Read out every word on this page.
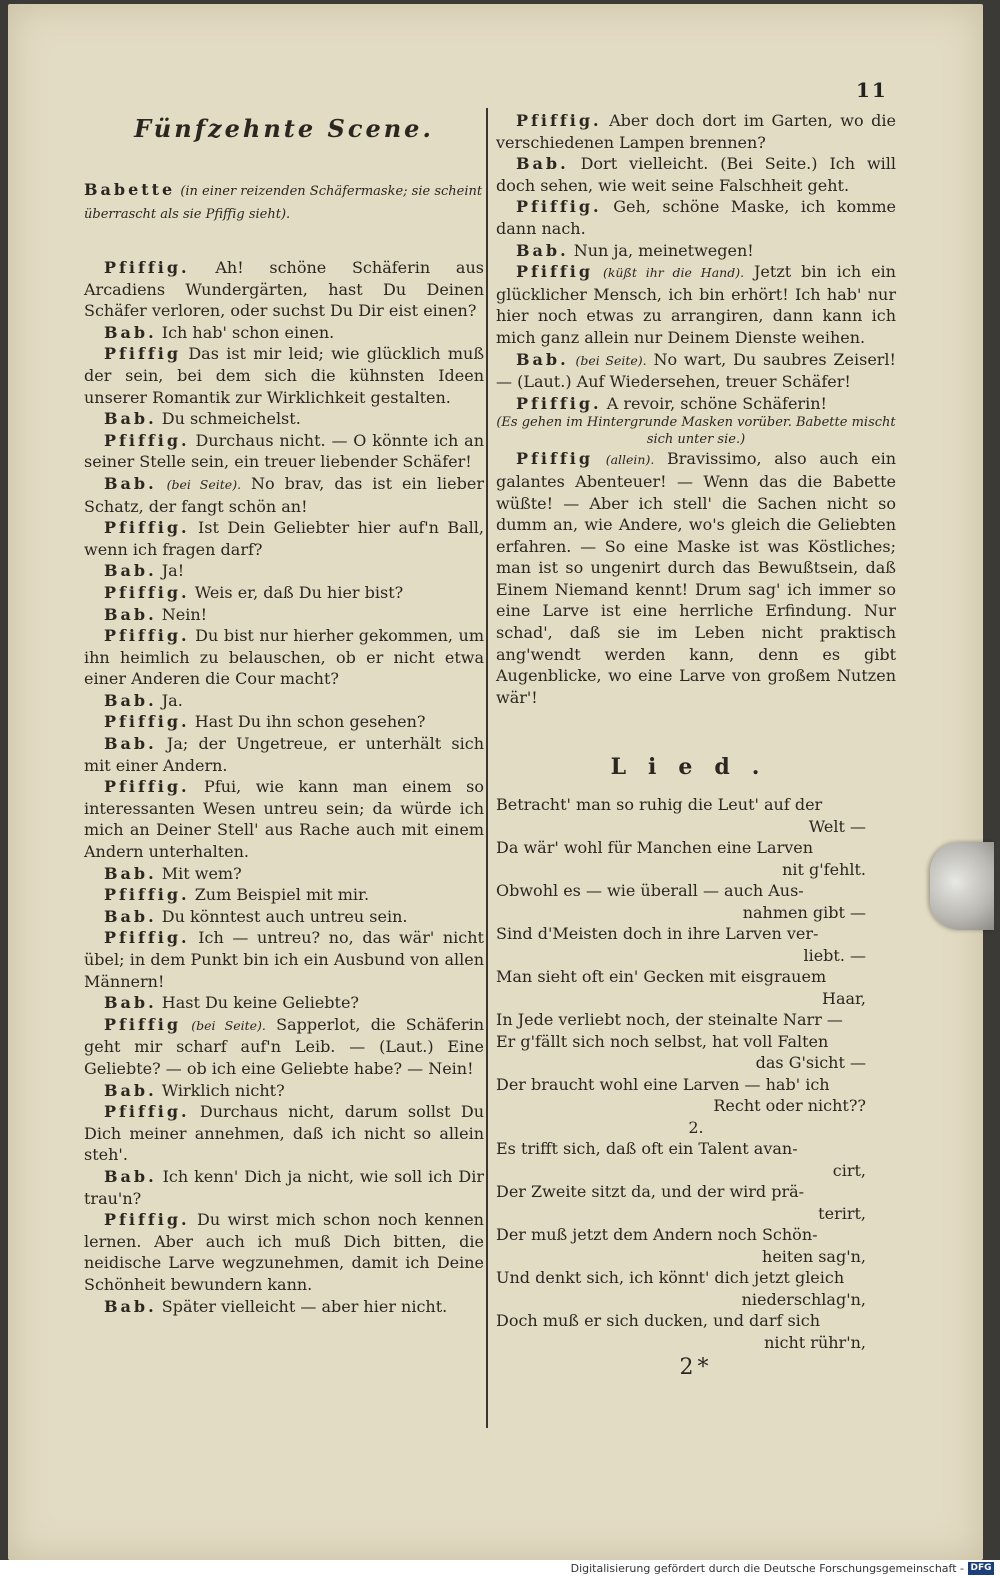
11
Fünfzehnte Scene.
Babette (in einer reizenden Schäfermaske; sie scheint überrascht als sie Pfiffig sieht).

Pfiffig. Ah! schöne Schäferin aus Arcadiens Wundergärten, hast Du Deinen Schäfer verloren, oder suchst Du Dir eist einen?

Bab. Ich hab' schon einen.

Pfiffig Das ist mir leid; wie glücklich muß der sein, bei dem sich die kühnsten Ideen unserer Romantik zur Wirklichkeit gestalten.

Bab. Du schmeichelst.

Pfiffig. Durchaus nicht. — O könnte ich an seiner Stelle sein, ein treuer liebender Schäfer!

Bab. (bei Seite). No brav, das ist ein lieber Schatz, der fangt schön an!

Pfiffig. Ist Dein Geliebter hier auf'n Ball, wenn ich fragen darf?

Bab. Ja!

Pfiffig. Weis er, daß Du hier bist?

Bab. Nein!

Pfiffig. Du bist nur hierher gekommen, um ihn heimlich zu belauschen, ob er nicht etwa einer Anderen die Cour macht?

Bab. Ja.

Pfiffig. Hast Du ihn schon gesehen?

Bab. Ja; der Ungetreue, er unterhält sich mit einer Andern.

Pfiffig. Pfui, wie kann man einem so interessanten Wesen untreu sein; da würde ich mich an Deiner Stell' aus Rache auch mit einem Andern unterhalten.

Bab. Mit wem?

Pfiffig. Zum Beispiel mit mir.

Bab. Du könntest auch untreu sein.

Pfiffig. Ich — untreu? no, das wär' nicht übel; in dem Punkt bin ich ein Ausbund von allen Männern!

Bab. Hast Du keine Geliebte?

Pfiffig (bei Seite). Sapperlot, die Schäferin geht mir scharf auf'n Leib. — (Laut.) Eine Geliebte? — ob ich eine Geliebte habe? — Nein!

Bab. Wirklich nicht?

Pfiffig. Durchaus nicht, darum sollst Du Dich meiner annehmen, daß ich nicht so allein steh'.

Bab. Ich kenn' Dich ja nicht, wie soll ich Dir trau'n?

Pfiffig. Du wirst mich schon noch kennen lernen. Aber auch ich muß Dich bitten, die neidische Larve wegzunehmen, damit ich Deine Schönheit bewundern kann.

Bab. Später vielleicht — aber hier nicht.

Pfiffig. Aber doch dort im Garten, wo die verschiedenen Lampen brennen?

Bab. Dort vielleicht. (Bei Seite.) Ich will doch sehen, wie weit seine Falschheit geht.

Pfiffig. Geh, schöne Maske, ich komme dann nach.

Bab. Nun ja, meinetwegen!

Pfiffig (küßt ihr die Hand). Jetzt bin ich ein glücklicher Mensch, ich bin erhört! Ich hab' nur hier noch etwas zu arrangiren, dann kann ich mich ganz allein nur Deinem Dienste weihen.

Bab. (bei Seite). No wart, Du saubres Zeiserl! — (Laut.) Auf Wiedersehen, treuer Schäfer!

Pfiffig. A revoir, schöne Schäferin!

(Es gehen im Hintergrunde Masken vorüber. Babette mischt sich unter sie.)

Pfiffig (allein). Bravissimo, also auch ein galantes Abenteuer! — Wenn das die Babette wüßte! — Aber ich stell' die Sachen nicht so dumm an, wie Andere, wo's gleich die Geliebten erfahren. — So eine Maske ist was Köstliches; man ist so ungenirt durch das Bewußtsein, daß Einem Niemand kennt! Drum sag' ich immer so eine Larve ist eine herrliche Erfindung. Nur schad', daß sie im Leben nicht praktisch ang'wendt werden kann, denn es gibt Augenblicke, wo eine Larve von großem Nutzen wär'!

Lied.

Betracht' man so ruhig die Leut' auf der
Welt —

Da wär' wohl für Manchen eine Larven
nit g'fehlt.

Obwohl es — wie überall — auch Aus-
nahmen gibt —

Sind d'Meisten doch in ihre Larven ver-
liebt. —

Man sieht oft ein' Gecken mit eisgrauem
Haar,

In Jede verliebt noch, der steinalte Narr —

Er g'fällt sich noch selbst, hat voll Falten
das G'sicht —

Der braucht wohl eine Larven — hab' ich
Recht oder nicht??

2.

Es trifft sich, daß oft ein Talent avan-
cirt,

Der Zweite sitzt da, und der wird prä-
terirt,

Der muß jetzt dem Andern noch Schön-
heiten sag'n,

Und denkt sich, ich könnt' dich jetzt gleich
niederschlag'n,

Doch muß er sich ducken, und darf sich
nicht rühr'n,

2*
Digitalisierung gefördert durch die Deutsche Forschungsgemeinschaft - DFG
